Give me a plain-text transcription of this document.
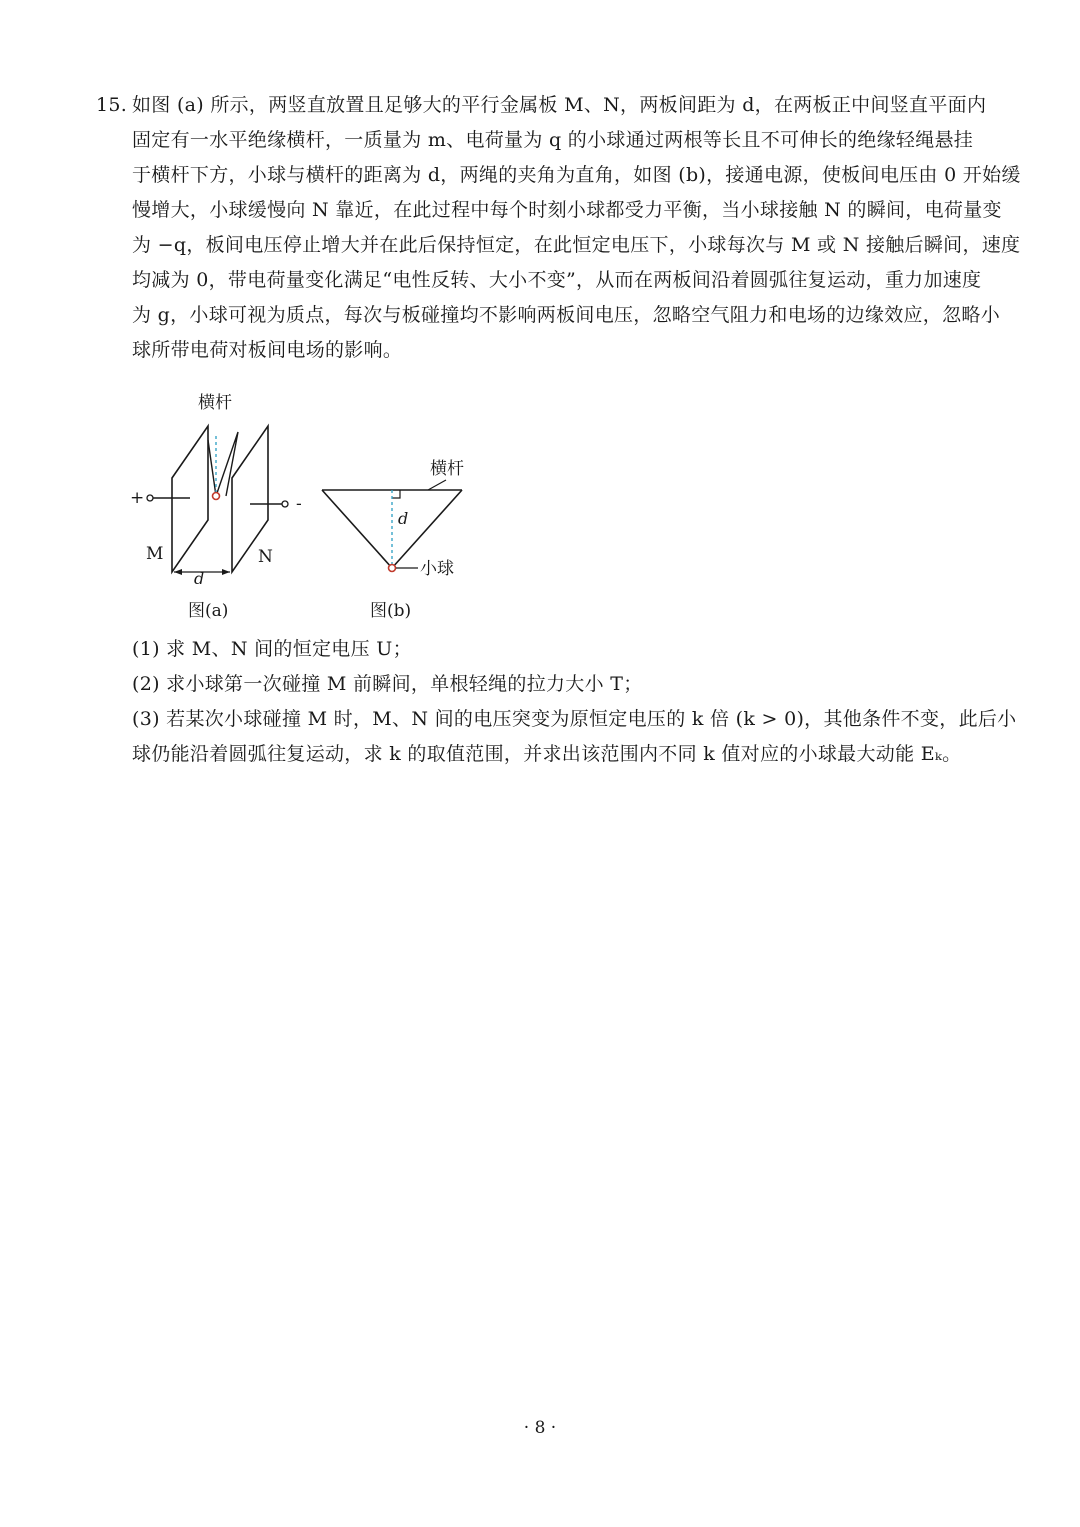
15. 如图 (a) 所示，两竖直放置且足够大的平行金属板 M、N，两板间距为 d，在两板正中间竖直平面内
固定有一水平绝缘横杆，一质量为 m、电荷量为 q 的小球通过两根等长且不可伸长的绝缘轻绳悬挂
于横杆下方，小球与横杆的距离为 d，两绳的夹角为直角，如图 (b)，接通电源，使板间电压由 0 开始缓
慢增大，小球缓慢向 N 靠近，在此过程中每个时刻小球都受力平衡，当小球接触 N 的瞬间，电荷量变
为 −q，板间电压停止增大并在此后保持恒定，在此恒定电压下，小球每次与 M 或 N 接触后瞬间，速度
均减为 0，带电荷量变化满足“电性反转、大小不变”，从而在两板间沿着圆弧往复运动，重力加速度
为 g，小球可视为质点，每次与板碰撞均不影响两板间电压，忽略空气阻力和电场的边缘效应，忽略小
球所带电荷对板间电场的影响。

横杆
+	-
M	N
d
图(a)
横杆
d
小球
图(b)
(1) 求 M、N 间的恒定电压 U；
(2) 求小球第一次碰撞 M 前瞬间，单根轻绳的拉力大小 T；
(3) 若某次小球碰撞 M 时，M、N 间的电压突变为原恒定电压的 k 倍 (k > 0)，其他条件不变，此后小
球仍能沿着圆弧往复运动，求 k 的取值范围，并求出该范围内不同 k 值对应的小球最大动能 Eₖ。
· 8 ·
